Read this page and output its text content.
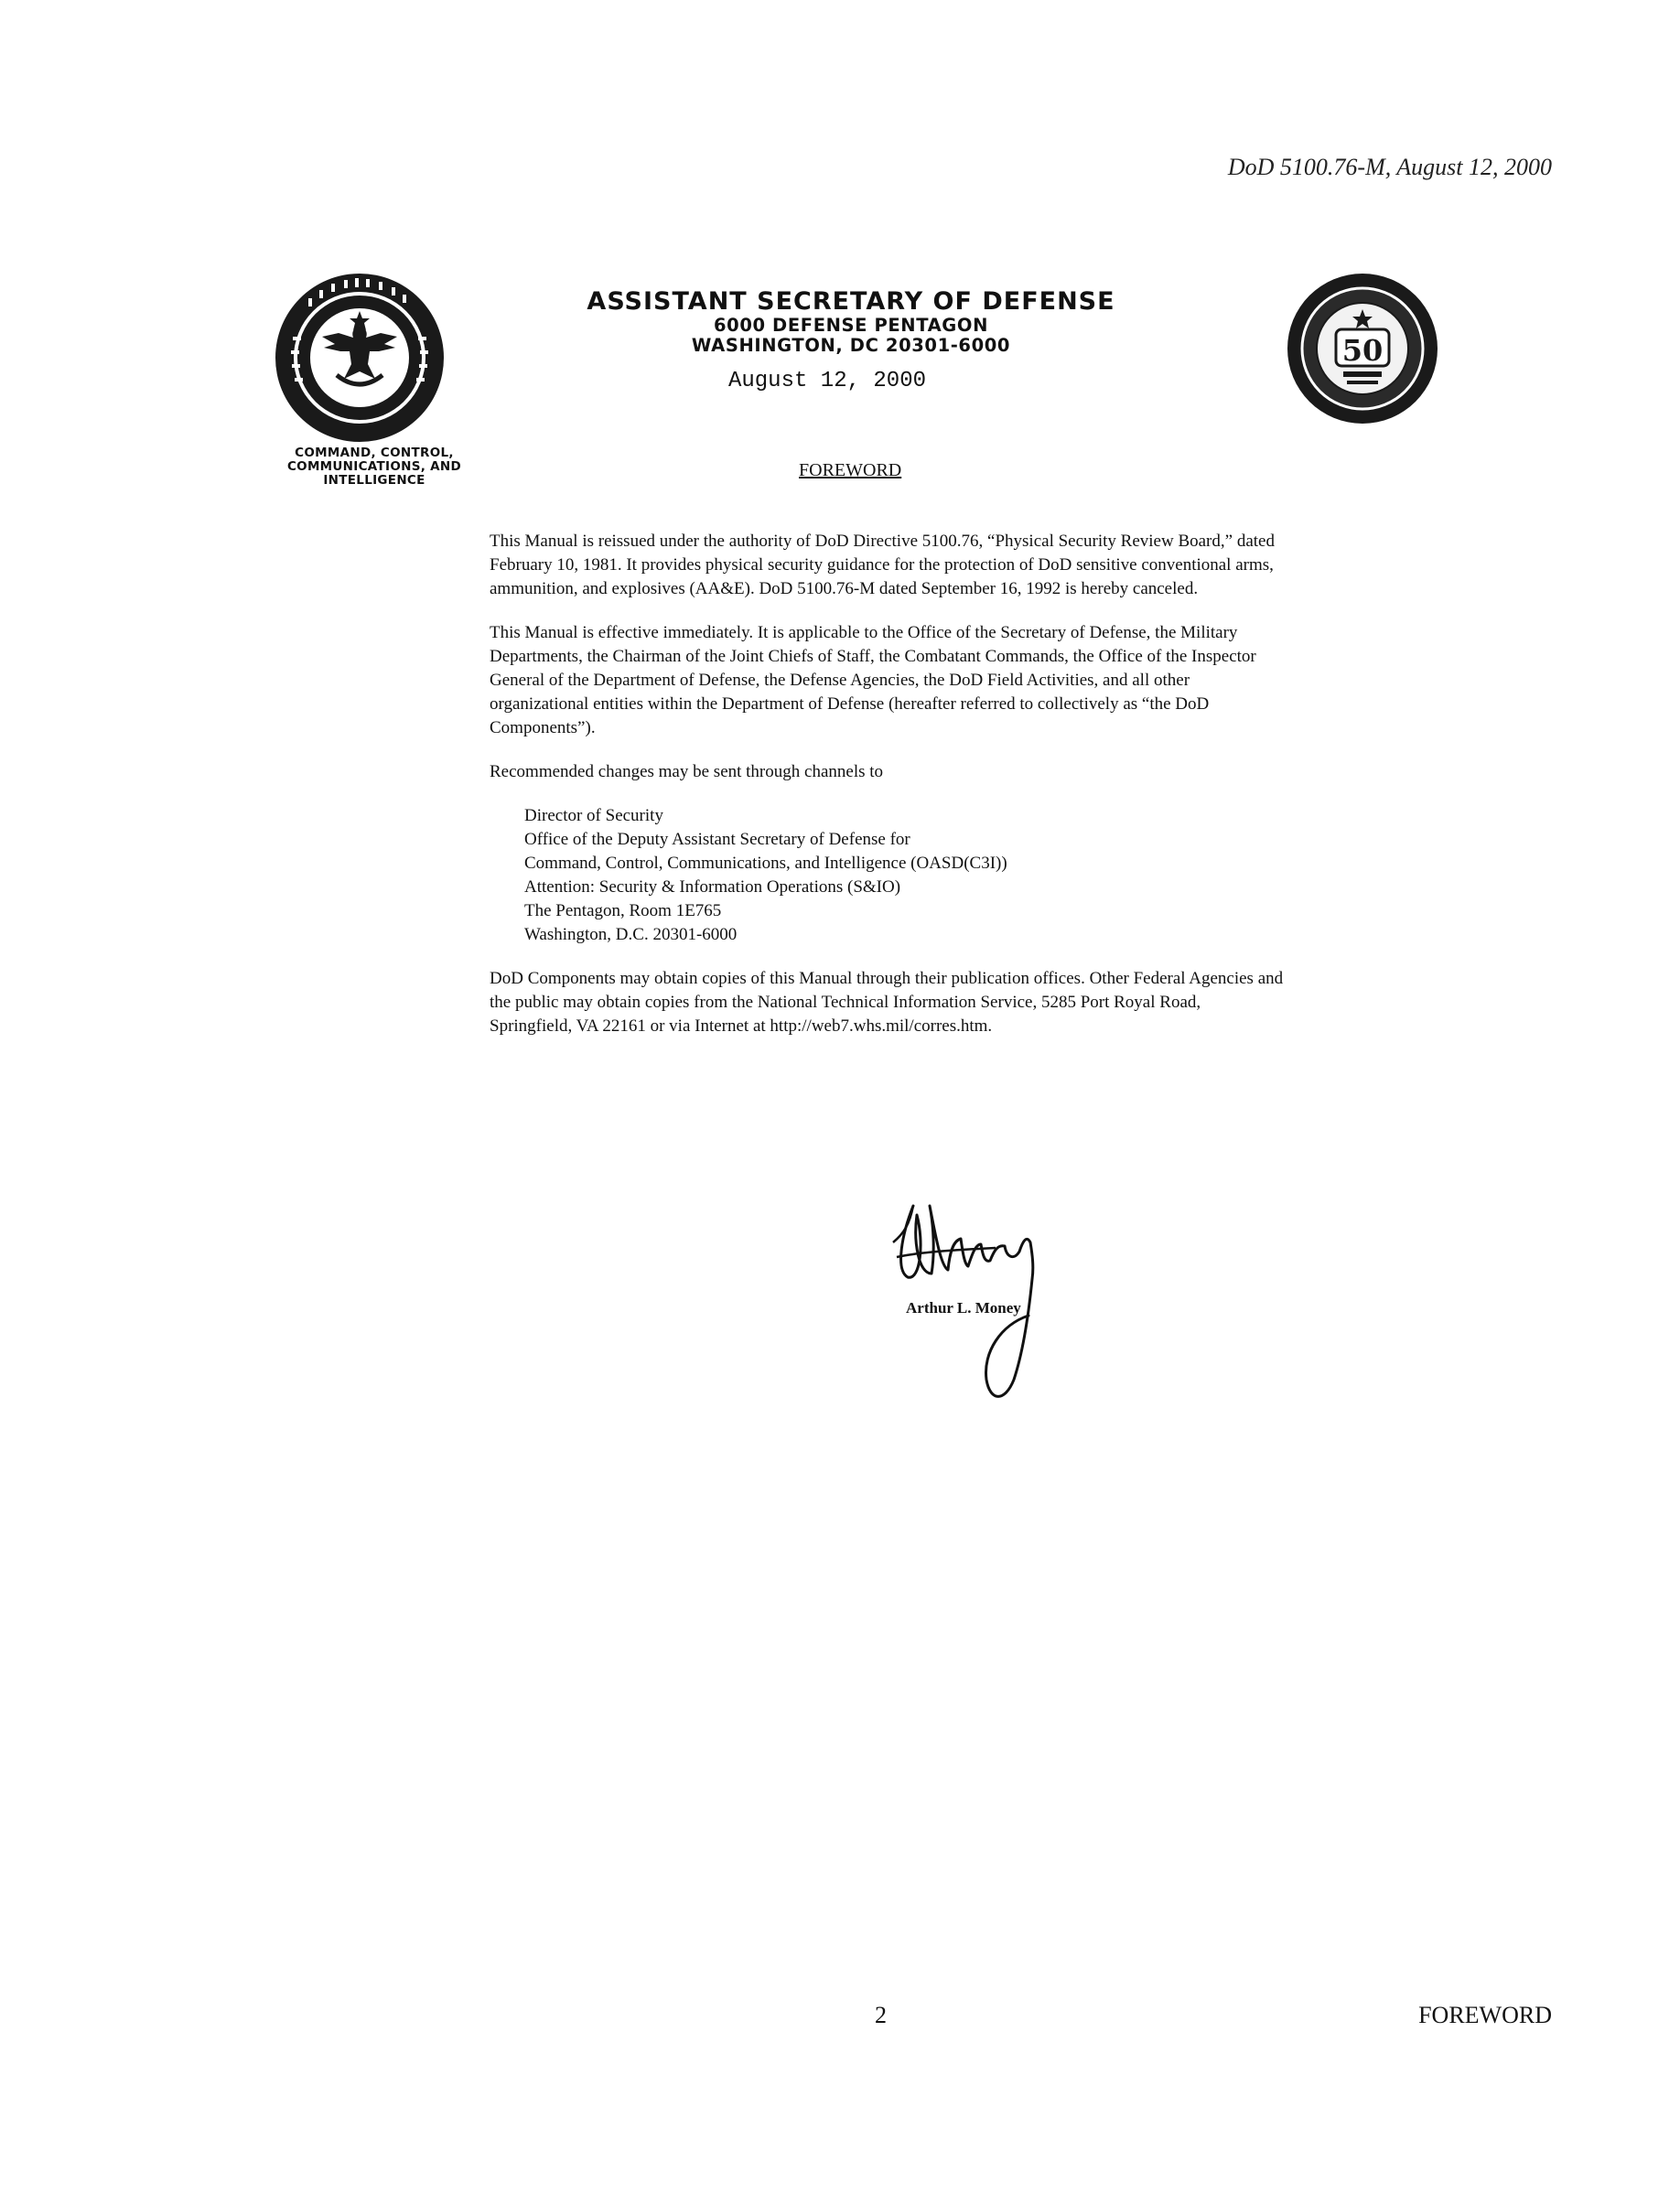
DoD 5100.76-M, August 12, 2000
COMMAND, CONTROL,
COMMUNICATIONS, AND
INTELLIGENCE
ASSISTANT SECRETARY OF DEFENSE
6000 DEFENSE PENTAGON
WASHINGTON, DC 20301-6000
August 12, 2000
50
FOREWORD

This Manual is reissued under the authority of DoD Directive 5100.76, “Physical Security Review Board,” dated February 10, 1981. It provides physical security guidance for the protection of DoD sensitive conventional arms, ammunition, and explosives (AA&E). DoD 5100.76-M dated September 16, 1992 is hereby canceled.

This Manual is effective immediately. It is applicable to the Office of the Secretary of Defense, the Military Departments, the Chairman of the Joint Chiefs of Staff, the Combatant Commands, the Office of the Inspector General of the Department of Defense, the Defense Agencies, the DoD Field Activities, and all other organizational entities within the Department of Defense (hereafter referred to collectively as “the DoD Components”).

Recommended changes may be sent through channels to

Director of Security
Office of the Deputy Assistant Secretary of Defense for
Command, Control, Communications, and Intelligence (OASD(C3I))
Attention: Security & Information Operations (S&IO)
The Pentagon, Room 1E765
Washington, D.C. 20301-6000

DoD Components may obtain copies of this Manual through their publication offices. Other Federal Agencies and the public may obtain copies from the National Technical Information Service, 5285 Port Royal Road, Springfield, VA 22161 or via Internet at http://web7.whs.mil/corres.htm.

Arthur L. Money
2	FOREWORD
